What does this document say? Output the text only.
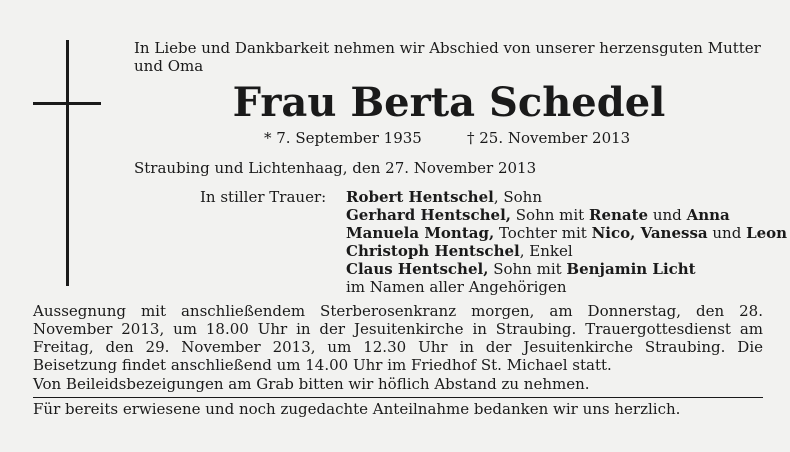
In Liebe und Dankbarkeit nehmen wir Abschied von unserer herzensguten Mutter und Oma
Frau Berta Schedel
* 7. September 1935	† 25. November 2013
Straubing und Lichtenhaag, den 27. November 2013
In stiller Trauer: Robert Hentschel, Sohn
Gerhard Hentschel, Sohn mit Renate und Anna
Manuela Montag, Tochter mit Nico, Vanessa und Leon
Christoph Hentschel, Enkel
Claus Hentschel, Sohn mit Benjamin Licht
im Namen aller Angehörigen

Aussegnung mit anschließendem Sterberosenkranz morgen, am Donnerstag, den 28. November 2013, um 18.00 Uhr in der Jesuitenkirche in Straubing. Trauergottesdienst am Freitag, den 29. November 2013, um 12.30 Uhr in der Jesuitenkirche Straubing. Die Beisetzung findet anschließend um 14.00 Uhr im Friedhof St. Michael statt.

Von Beileidsbezeigungen am Grab bitten wir höflich Abstand zu nehmen.
Für bereits erwiesene und noch zugedachte Anteilnahme bedanken wir uns herzlich.
